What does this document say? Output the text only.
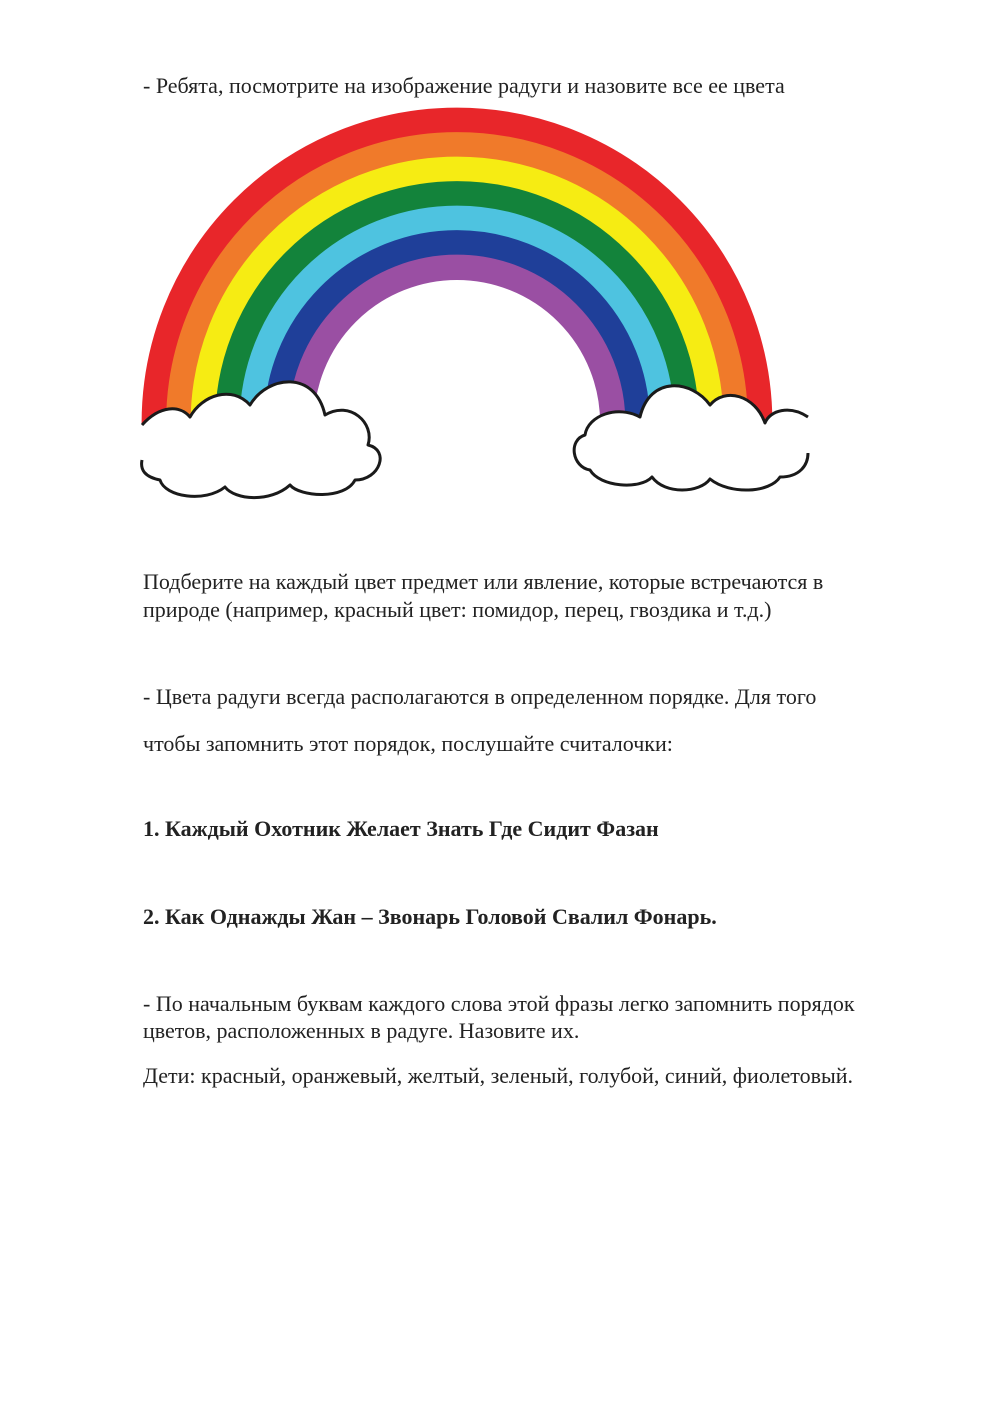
- Ребята, посмотрите на изображение радуги и назовите все ее цвета

Подберите на каждый цвет предмет или явление, которые встречаются в

природе (например, красный цвет: помидор, перец, гвоздика и т.д.)

- Цвета радуги всегда располагаются в определенном порядке. Для того

чтобы запомнить этот порядок, послушайте считалочки:

1. Каждый Охотник Желает Знать Где Сидит Фазан

2. Как Однажды Жан – Звонарь Головой Свалил Фонарь.

- По начальным буквам каждого слова этой фразы легко запомнить порядок

цветов, расположенных в радуге. Назовите их.

Дети: красный, оранжевый, желтый, зеленый, голубой, синий, фиолетовый.
